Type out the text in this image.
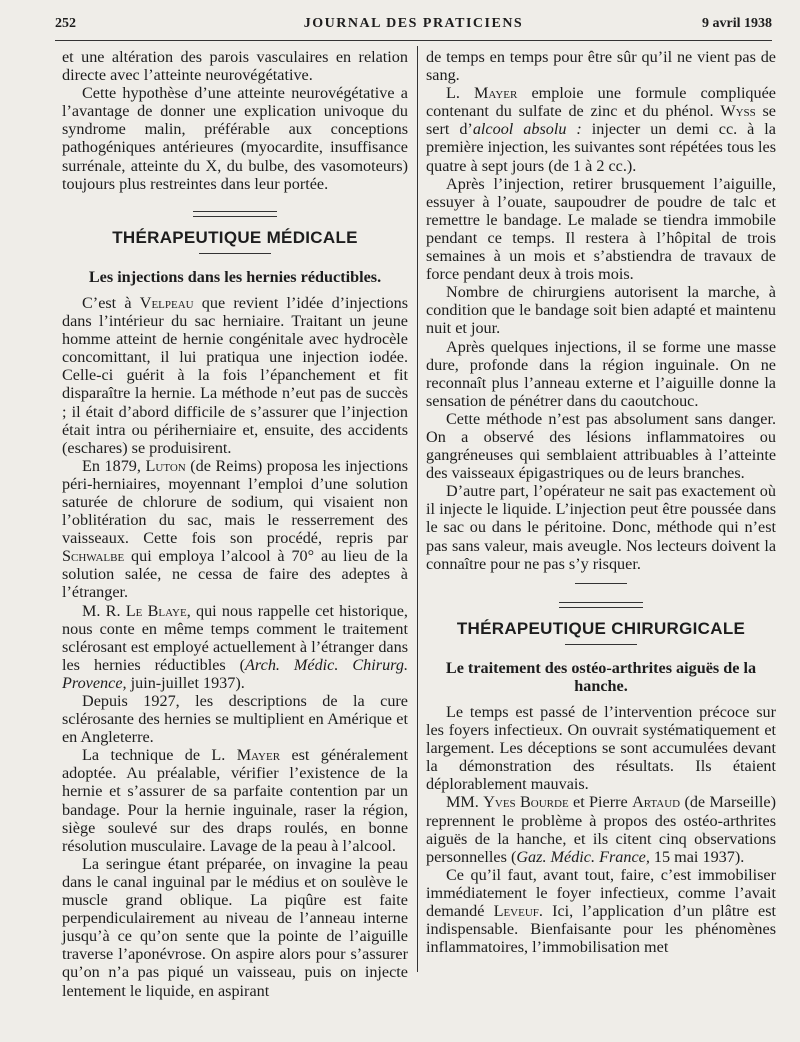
252	JOURNAL DES PRATICIENS	9 avril 1938

et une altération des parois vasculaires en relation directe avec l’atteinte neurovégétative.

Cette hypothèse d’une atteinte neurovégétative a l’avantage de donner une explication univoque du syndrome malin, préférable aux conceptions pathogéniques antérieures (myocardite, insuffisance surrénale, atteinte du X, du bulbe, des vasomoteurs) toujours plus restreintes dans leur portée.

THÉRAPEUTIQUE MÉDICALE
Les injections dans les hernies réductibles.

C’est à Velpeau que revient l’idée d’injections dans l’intérieur du sac herniaire. Traitant un jeune homme atteint de hernie congénitale avec hydrocèle concomittant, il lui pratiqua une injection iodée. Celle-ci guérit à la fois l’épanchement et fit disparaître la hernie. La méthode n’eut pas de succès ; il était d’abord difficile de s’assurer que l’injection était intra ou périherniaire et, ensuite, des accidents (eschares) se produisirent.

En 1879, Luton (de Reims) proposa les injections péri-herniaires, moyennant l’emploi d’une solution saturée de chlorure de sodium, qui visaient non l’oblitération du sac, mais le resserrement des vaisseaux. Cette fois son procédé, repris par Schwalbe qui employa l’alcool à 70° au lieu de la solution salée, ne cessa de faire des adeptes à l’étranger.

M. R. Le Blaye, qui nous rappelle cet historique, nous conte en même temps comment le traitement sclérosant est employé actuellement à l’étranger dans les hernies réductibles (Arch. Médic. Chirurg. Provence, juin-juillet 1937).

Depuis 1927, les descriptions de la cure sclérosante des hernies se multiplient en Amérique et en Angleterre.

La technique de L. Mayer est généralement adoptée. Au préalable, vérifier l’existence de la hernie et s’assurer de sa parfaite contention par un bandage. Pour la hernie inguinale, raser la région, siège soulevé sur des draps roulés, en bonne résolution musculaire. Lavage de la peau à l’alcool.

La seringue étant préparée, on invagine la peau dans le canal inguinal par le médius et on soulève le muscle grand oblique. La piqûre est faite perpendiculairement au niveau de l’anneau interne jusqu’à ce qu’on sente que la pointe de l’aiguille traverse l’aponévrose. On aspire alors pour s’assurer qu’on n’a pas piqué un vaisseau, puis on injecte lentement le liquide, en aspirant

de temps en temps pour être sûr qu’il ne vient pas de sang.

L. Mayer emploie une formule compliquée contenant du sulfate de zinc et du phénol. Wyss se sert d’alcool absolu : injecter un demi cc. à la première injection, les suivantes sont répétées tous les quatre à sept jours (de 1 à 2 cc.).

Après l’injection, retirer brusquement l’aiguille, essuyer à l’ouate, saupoudrer de poudre de talc et remettre le bandage. Le malade se tiendra immobile pendant ce temps. Il restera à l’hôpital de trois semaines à un mois et s’abstiendra de travaux de force pendant deux à trois mois.

Nombre de chirurgiens autorisent la marche, à condition que le bandage soit bien adapté et maintenu nuit et jour.

Après quelques injections, il se forme une masse dure, profonde dans la région inguinale. On ne reconnaît plus l’anneau externe et l’aiguille donne la sensation de pénétrer dans du caoutchouc.

Cette méthode n’est pas absolument sans danger. On a observé des lésions inflammatoires ou gangréneuses qui semblaient attribuables à l’atteinte des vaisseaux épigastriques ou de leurs branches.

D’autre part, l’opérateur ne sait pas exactement où il injecte le liquide. L’injection peut être poussée dans le sac ou dans le péritoine. Donc, méthode qui n’est pas sans valeur, mais aveugle. Nos lecteurs doivent la connaître pour ne pas s’y risquer.

THÉRAPEUTIQUE CHIRURGICALE
Le traitement des ostéo-arthrites aiguës de la hanche.

Le temps est passé de l’intervention précoce sur les foyers infectieux. On ouvrait systématiquement et largement. Les déceptions se sont accumulées devant la démonstration des résultats. Ils étaient déplorablement mauvais.

MM. Yves Bourde et Pierre Artaud (de Marseille) reprennent le problème à propos des ostéo-arthrites aiguës de la hanche, et ils citent cinq observations personnelles (Gaz. Médic. France, 15 mai 1937).

Ce qu’il faut, avant tout, faire, c’est immobiliser immédiatement le foyer infectieux, comme l’avait demandé Leveuf. Ici, l’application d’un plâtre est indispensable. Bienfaisante pour les phénomènes inflammatoires, l’immobilisation met
